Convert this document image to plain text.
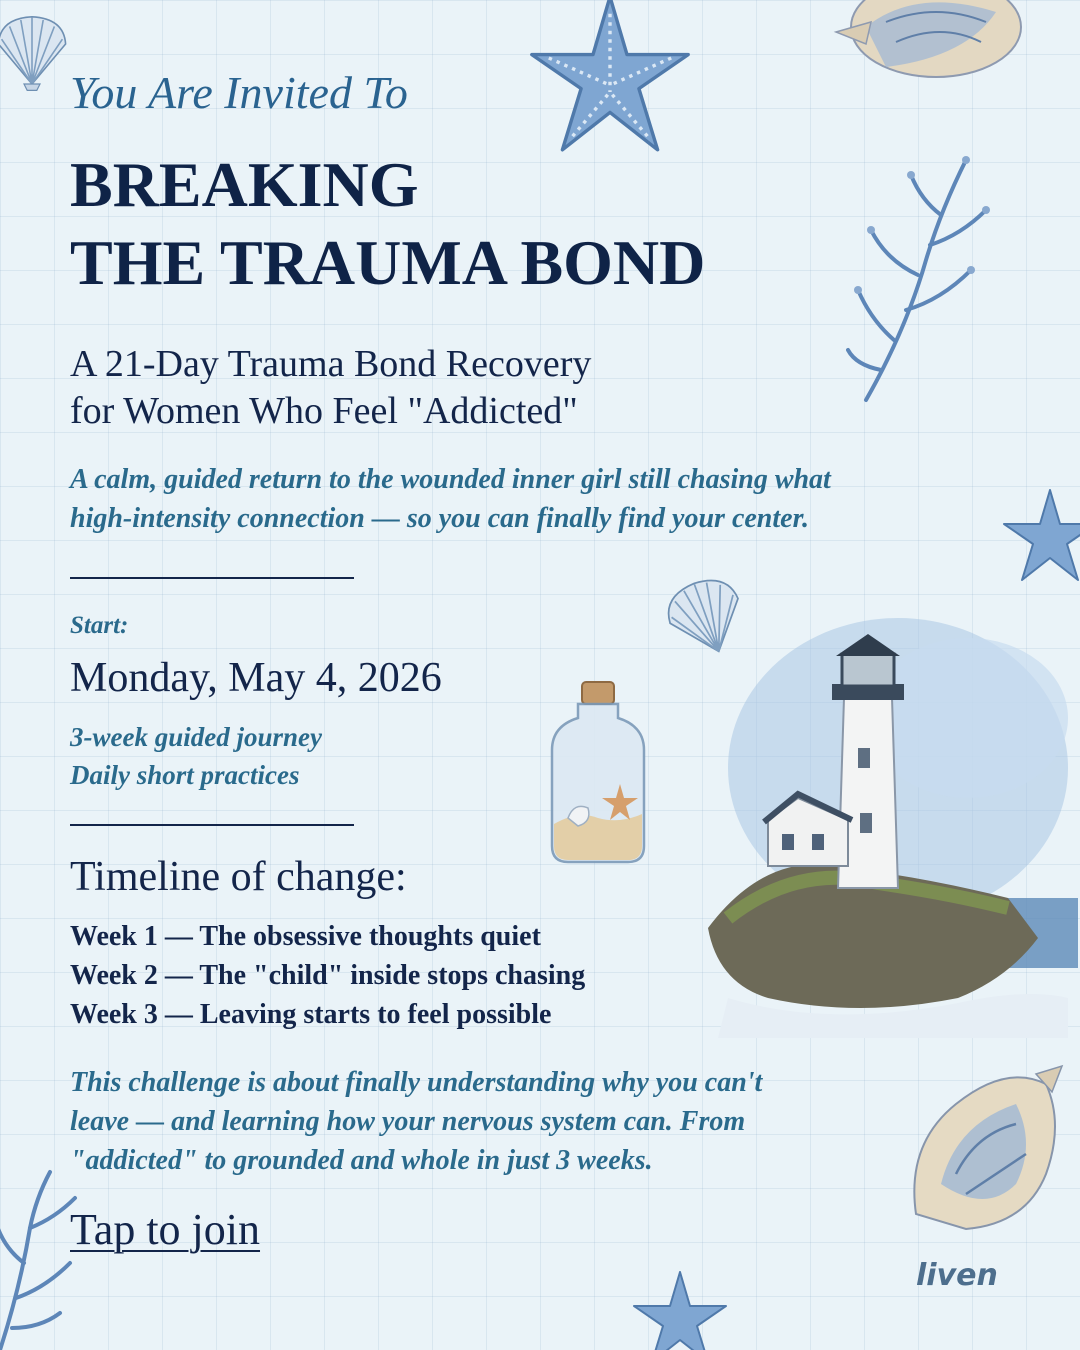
You Are Invited To
BREAKING
THE TRAUMA BOND
A 21-Day Trauma Bond Recovery
for Women Who Feel "Addicted"
A calm, guided return to the wounded inner girl still chasing what
high-intensity connection — so you can finally find your center.
Start:
Monday, May 4, 2026
3-week guided journey
Daily short practices
Timeline of change:
Week 1 — The obsessive thoughts quiet
Week 2 — The "child" inside stops chasing
Week 3 — Leaving starts to feel possible
This challenge is about finally understanding why you can't
leave — and learning how your nervous system can. From
"addicted" to grounded and whole in just 3 weeks.
Tap to join
liven
